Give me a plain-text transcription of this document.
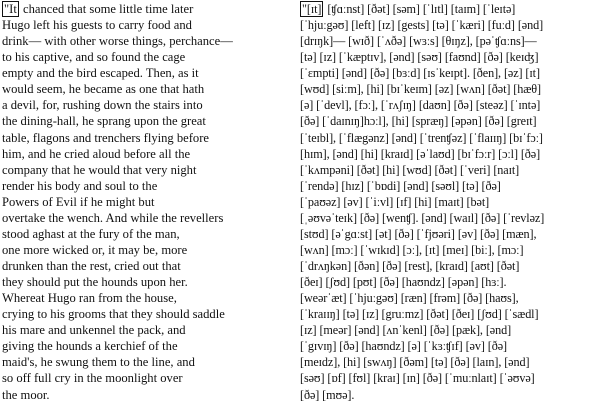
"It chanced that some little time later
Hugo left his guests to carry food and
drink— with other worse things, perchance—
to his captive, and so found the cage
empty and the bird escaped. Then, as it
would seem, he became as one that hath
a devil, for, rushing down the stairs into
the dining-hall, he sprang upon the great
table, flagons and trenchers flying before
him, and he cried aloud before all the
company that he would that very night
render his body and soul to the
Powers of Evil if he might but
overtake the wench. And while the revellers
stood aghast at the fury of the man,
one more wicked or, it may be, more
drunken than the rest, cried out that
they should put the hounds upon her.
Whereat Hugo ran from the house,
crying to his grooms that they should saddle
his mare and unkennel the pack, and
giving the hounds a kerchief of the
maid's, he swung them to the line, and
so off full cry in the moonlight over
the moor.
"[ɪt] [ʧɑːnst] [ðət] [səm] [ˈlɪtl] [taɪm] [ˈleɪtə]
[ˈhjuːgəʊ] [left] [ɪz] [gests] [tə] [ˈkæri] [fuːd] [ənd]
[drɪŋk]— [wɪð] [ˈʌðə] [wɜːs] [θɪŋz], [pəˈʧɑːns]—
[tə] [ɪz] [ˈkæptɪv], [ənd] [səʊ] [faʊnd] [ðə] [keɪʤ]
[ˈɛmpti] [ənd] [ðə] [bɜːd] [ɪsˈkeɪpt]. [ðen], [əz] [ɪt]
[wʊd] [siːm], [hi] [bɪˈkeɪm] [əz] [wʌn] [ðət] [hæθ]
[ə] [ˈdevl], [fɔː], [ˈrʌʃɪŋ] [daʊn] [ðə] [steəz] [ˈɪntə]
[ðə] [ˈdaɪnɪŋ]hɔːl], [hi] [spræŋ] [əpən] [ðə] [greɪt]
[ˈteɪbl], [ˈflægənz] [ənd] [ˈtrenʧəz] [ˈflaɪɪŋ] [bɪˈfɔː]
[hɪm], [ənd] [hi] [kraɪd] [əˈlaʊd] [bɪˈfɔːr] [ɔːl] [ðə]
[ˈkʌmpəni] [ðət] [hi] [wʊd] [ðət] [ˈveri] [naɪt]
[ˈrendə] [hɪz] [ˈbɒdi] [ənd] [səʊl] [tə] [ðə]
[ˈpaʊəz] [əv] [ˈiːvl] [ɪf] [hi] [maɪt] [bət]
[ˌəʊvəˈteɪk] [ðə] [wenʧ]. [ənd] [waɪl] [ðə] [ˈrevləz]
[stʊd] [əˈgɑːst] [ət] [ðə] [ˈfjʊəri] [əv] [ðə] [mæn],
[wʌn] [mɔː] [ˈwɪkɪd] [ɔː], [ɪt] [meɪ] [biː], [mɔː]
[ˈdrʌŋkən] [ðən] [ðə] [rest], [kraɪd] [aʊt] [ðət]
[ðeɪ] [ʃʊd] [pʊt] [ðə] [haʊndz] [əpən] [hɜː].
[weərˈæt] [ˈhjuːgəʊ] [ræn] [frəm] [ðə] [haʊs],
[ˈkraɪɪŋ] [tə] [ɪz] [gruːmz] [ðət] [ðeɪ] [ʃʊd] [ˈsædl]
[ɪz] [meər] [ənd] [ʌnˈkenl] [ðə] [pæk], [ənd]
[ˈgɪvɪŋ] [ðə] [haʊndz] [ə] [ˈkɜːʧɪf] [əv] [ðə]
[meɪdz], [hi] [swʌŋ] [ðəm] [tə] [ðə] [laɪn], [ənd]
[səʊ] [ɒf] [fʊl] [kraɪ] [ɪn] [ðə] [ˈmuːnlaɪt] [ˈəʊvə]
[ðə] [mʊə].
